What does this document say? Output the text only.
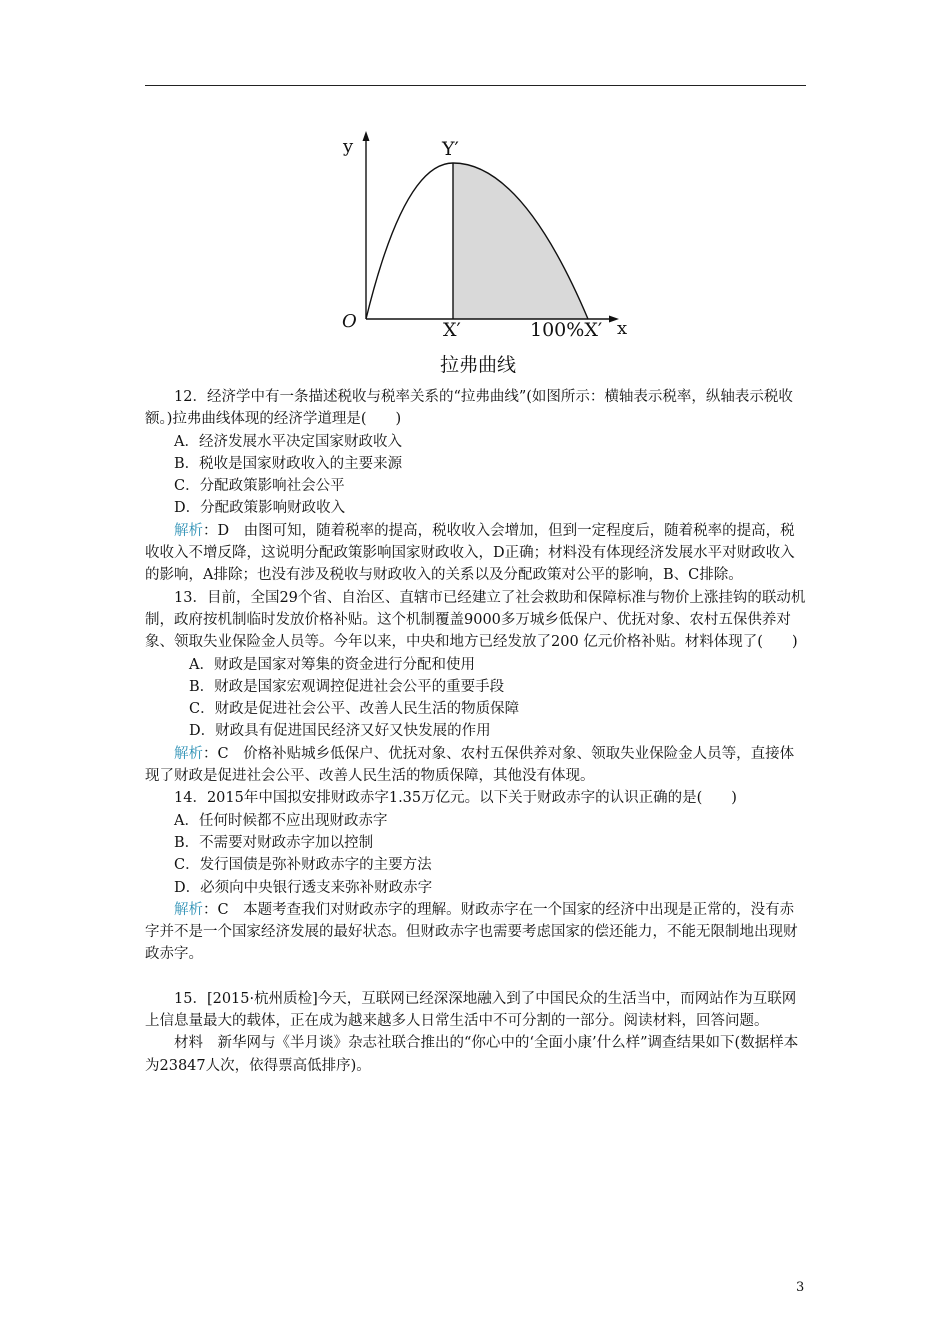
y	Y′
O	X′	100%X′ x
拉弗曲线

12．经济学中有一条描述税收与税率关系的“拉弗曲线”(如图所示：横轴表示税率，纵轴表示税收额。)拉弗曲线体现的经济学道理是(　　)

A．经济发展水平决定国家财政收入

B．税收是国家财政收入的主要来源

C．分配政策影响社会公平

D．分配政策影响财政收入

解析：D　由图可知，随着税率的提高，税收收入会增加，但到一定程度后，随着税率的提高，税收收入不增反降，这说明分配政策影响国家财政收入，D正确；材料没有体现经济发展水平对财政收入的影响，A排除；也没有涉及税收与财政收入的关系以及分配政策对公平的影响，B、C排除。

13．目前，全国29个省、自治区、直辖市已经建立了社会救助和保障标准与物价上涨挂钩的联动机制，政府按机制临时发放价格补贴。这个机制覆盖9000多万城乡低保户、优抚对象、农村五保供养对象、领取失业保险金人员等。今年以来，中央和地方已经发放了200 亿元价格补贴。材料体现了(　　)

A．财政是国家对筹集的资金进行分配和使用

B．财政是国家宏观调控促进社会公平的重要手段

C．财政是促进社会公平、改善人民生活的物质保障

D．财政具有促进国民经济又好又快发展的作用

解析：C　价格补贴城乡低保户、优抚对象、农村五保供养对象、领取失业保险金人员等，直接体现了财政是促进社会公平、改善人民生活的物质保障，其他没有体现。

14．2015年中国拟安排财政赤字1.35万亿元。以下关于财政赤字的认识正确的是(　　)

A．任何时候都不应出现财政赤字

B．不需要对财政赤字加以控制

C．发行国债是弥补财政赤字的主要方法

D．必须向中央银行透支来弥补财政赤字

解析：C　本题考查我们对财政赤字的理解。财政赤字在一个国家的经济中出现是正常的，没有赤字并不是一个国家经济发展的最好状态。但财政赤字也需要考虑国家的偿还能力，不能无限制地出现财政赤字。

15．[2015·杭州质检]今天，互联网已经深深地融入到了中国民众的生活当中，而网站作为互联网上信息量最大的载体，正在成为越来越多人日常生活中不可分割的一部分。阅读材料，回答问题。

材料　新华网与《半月谈》杂志社联合推出的“你心中的‘全面小康’什么样”调查结果如下(数据样本为23847人次，依得票高低排序)。

3
